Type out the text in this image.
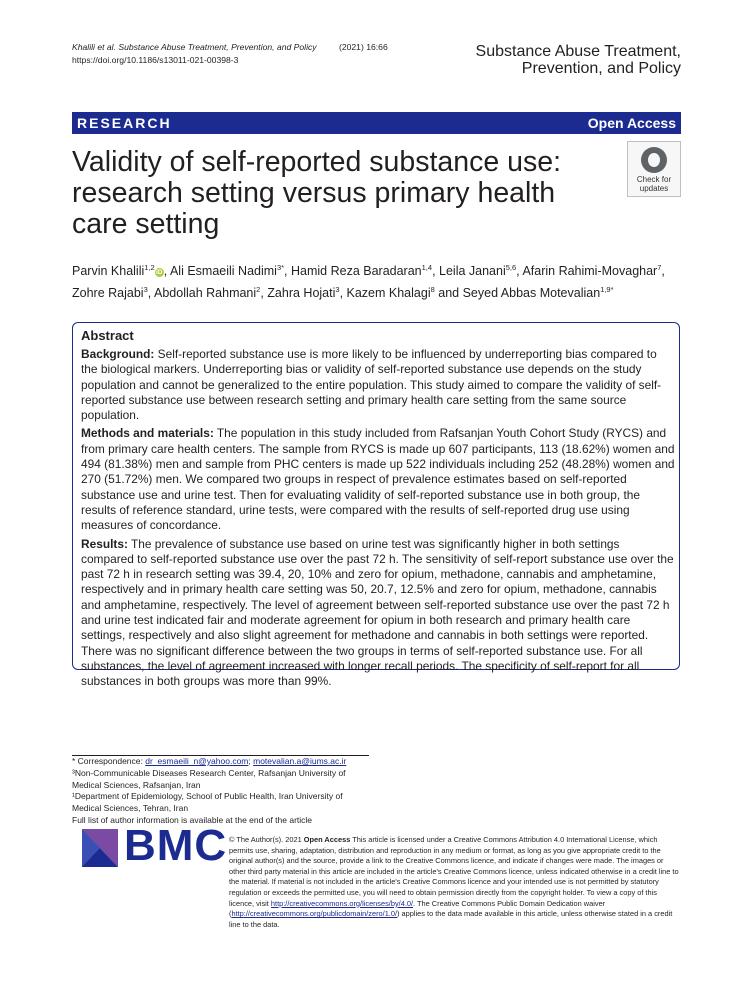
Khalili et al. Substance Abuse Treatment, Prevention, and Policy	(2021) 16:66
https://doi.org/10.1186/s13011-021-00398-3	Substance Abuse Treatment,
Prevention, and Policy
RESEARCH	Open Access
Check for
updates
Validity of self-reported substance use: research setting versus primary health care setting
Parvin Khalili$^{1,2}$iD, Ali Esmaeili Nadimi$^{3*}$, Hamid Reza Baradaran$^{1,4}$, Leila Janani$^{5,6}$, Afarin Rahimi-Movaghar$^7$, Zohre Rajabi$^3$, Abdollah Rahmani$^2$, Zahra Hojati$^3$, Kazem Khalagi$^8$ and Seyed Abbas Motevalian$^{1,9*}$
Abstract

Background: Self-reported substance use is more likely to be influenced by underreporting bias compared to the biological markers. Underreporting bias or validity of self-reported substance use depends on the study population and cannot be generalized to the entire population. This study aimed to compare the validity of self-reported substance use between research setting and primary health care setting from the same source population.

Methods and materials: The population in this study included from Rafsanjan Youth Cohort Study (RYCS) and from primary care health centers. The sample from RYCS is made up 607 participants, 113 (18.62%) women and 494 (81.38%) men and sample from PHC centers is made up 522 individuals including 252 (48.28%) women and 270 (51.72%) men. We compared two groups in respect of prevalence estimates based on self-reported substance use and urine test. Then for evaluating validity of self-reported substance use in both group, the results of reference standard, urine tests, were compared with the results of self-reported drug use using measures of concordance.

Results: The prevalence of substance use based on urine test was significantly higher in both settings compared to self-reported substance use over the past 72 h. The sensitivity of self-report substance use over the past 72 h in research setting was 39.4, 20, 10% and zero for opium, methadone, cannabis and amphetamine, respectively and in primary health care setting was 50, 20.7, 12.5% and zero for opium, methadone, cannabis and amphetamine, respectively. The level of agreement between self-reported substance use over the past 72 h and urine test indicated fair and moderate agreement for opium in both research and primary health care settings, respectively and also slight agreement for methadone and cannabis in both settings were reported. There was no significant difference between the two groups in terms of self-reported substance use. For all substances, the level of agreement increased with longer recall periods. The specificity of self-report for all substances in both groups was more than 99%.

* Correspondence: dr_esmaeili_n@yahoo.com; motevalian.a@iums.ac.ir
³Non-Communicable Diseases Research Center, Rafsanjan University of Medical Sciences, Rafsanjan, Iran
¹Department of Epidemiology, School of Public Health, Iran University of Medical Sciences, Tehran, Iran
Full list of author information is available at the end of the article
BMC © The Author(s). 2021 Open Access This article is licensed under a Creative Commons Attribution 4.0 International License, which permits use, sharing, adaptation, distribution and reproduction in any medium or format, as long as you give appropriate credit to the original author(s) and the source, provide a link to the Creative Commons licence, and indicate if changes were made. The images or other third party material in this article are included in the article's Creative Commons licence, unless indicated otherwise in a credit line to the material. If material is not included in the article's Creative Commons licence and your intended use is not permitted by statutory regulation or exceeds the permitted use, you will need to obtain permission directly from the copyright holder. To view a copy of this licence, visit http://creativecommons.org/licenses/by/4.0/. The Creative Commons Public Domain Dedication waiver (http://creativecommons.org/publicdomain/zero/1.0/) applies to the data made available in this article, unless otherwise stated in a credit line to the data.
